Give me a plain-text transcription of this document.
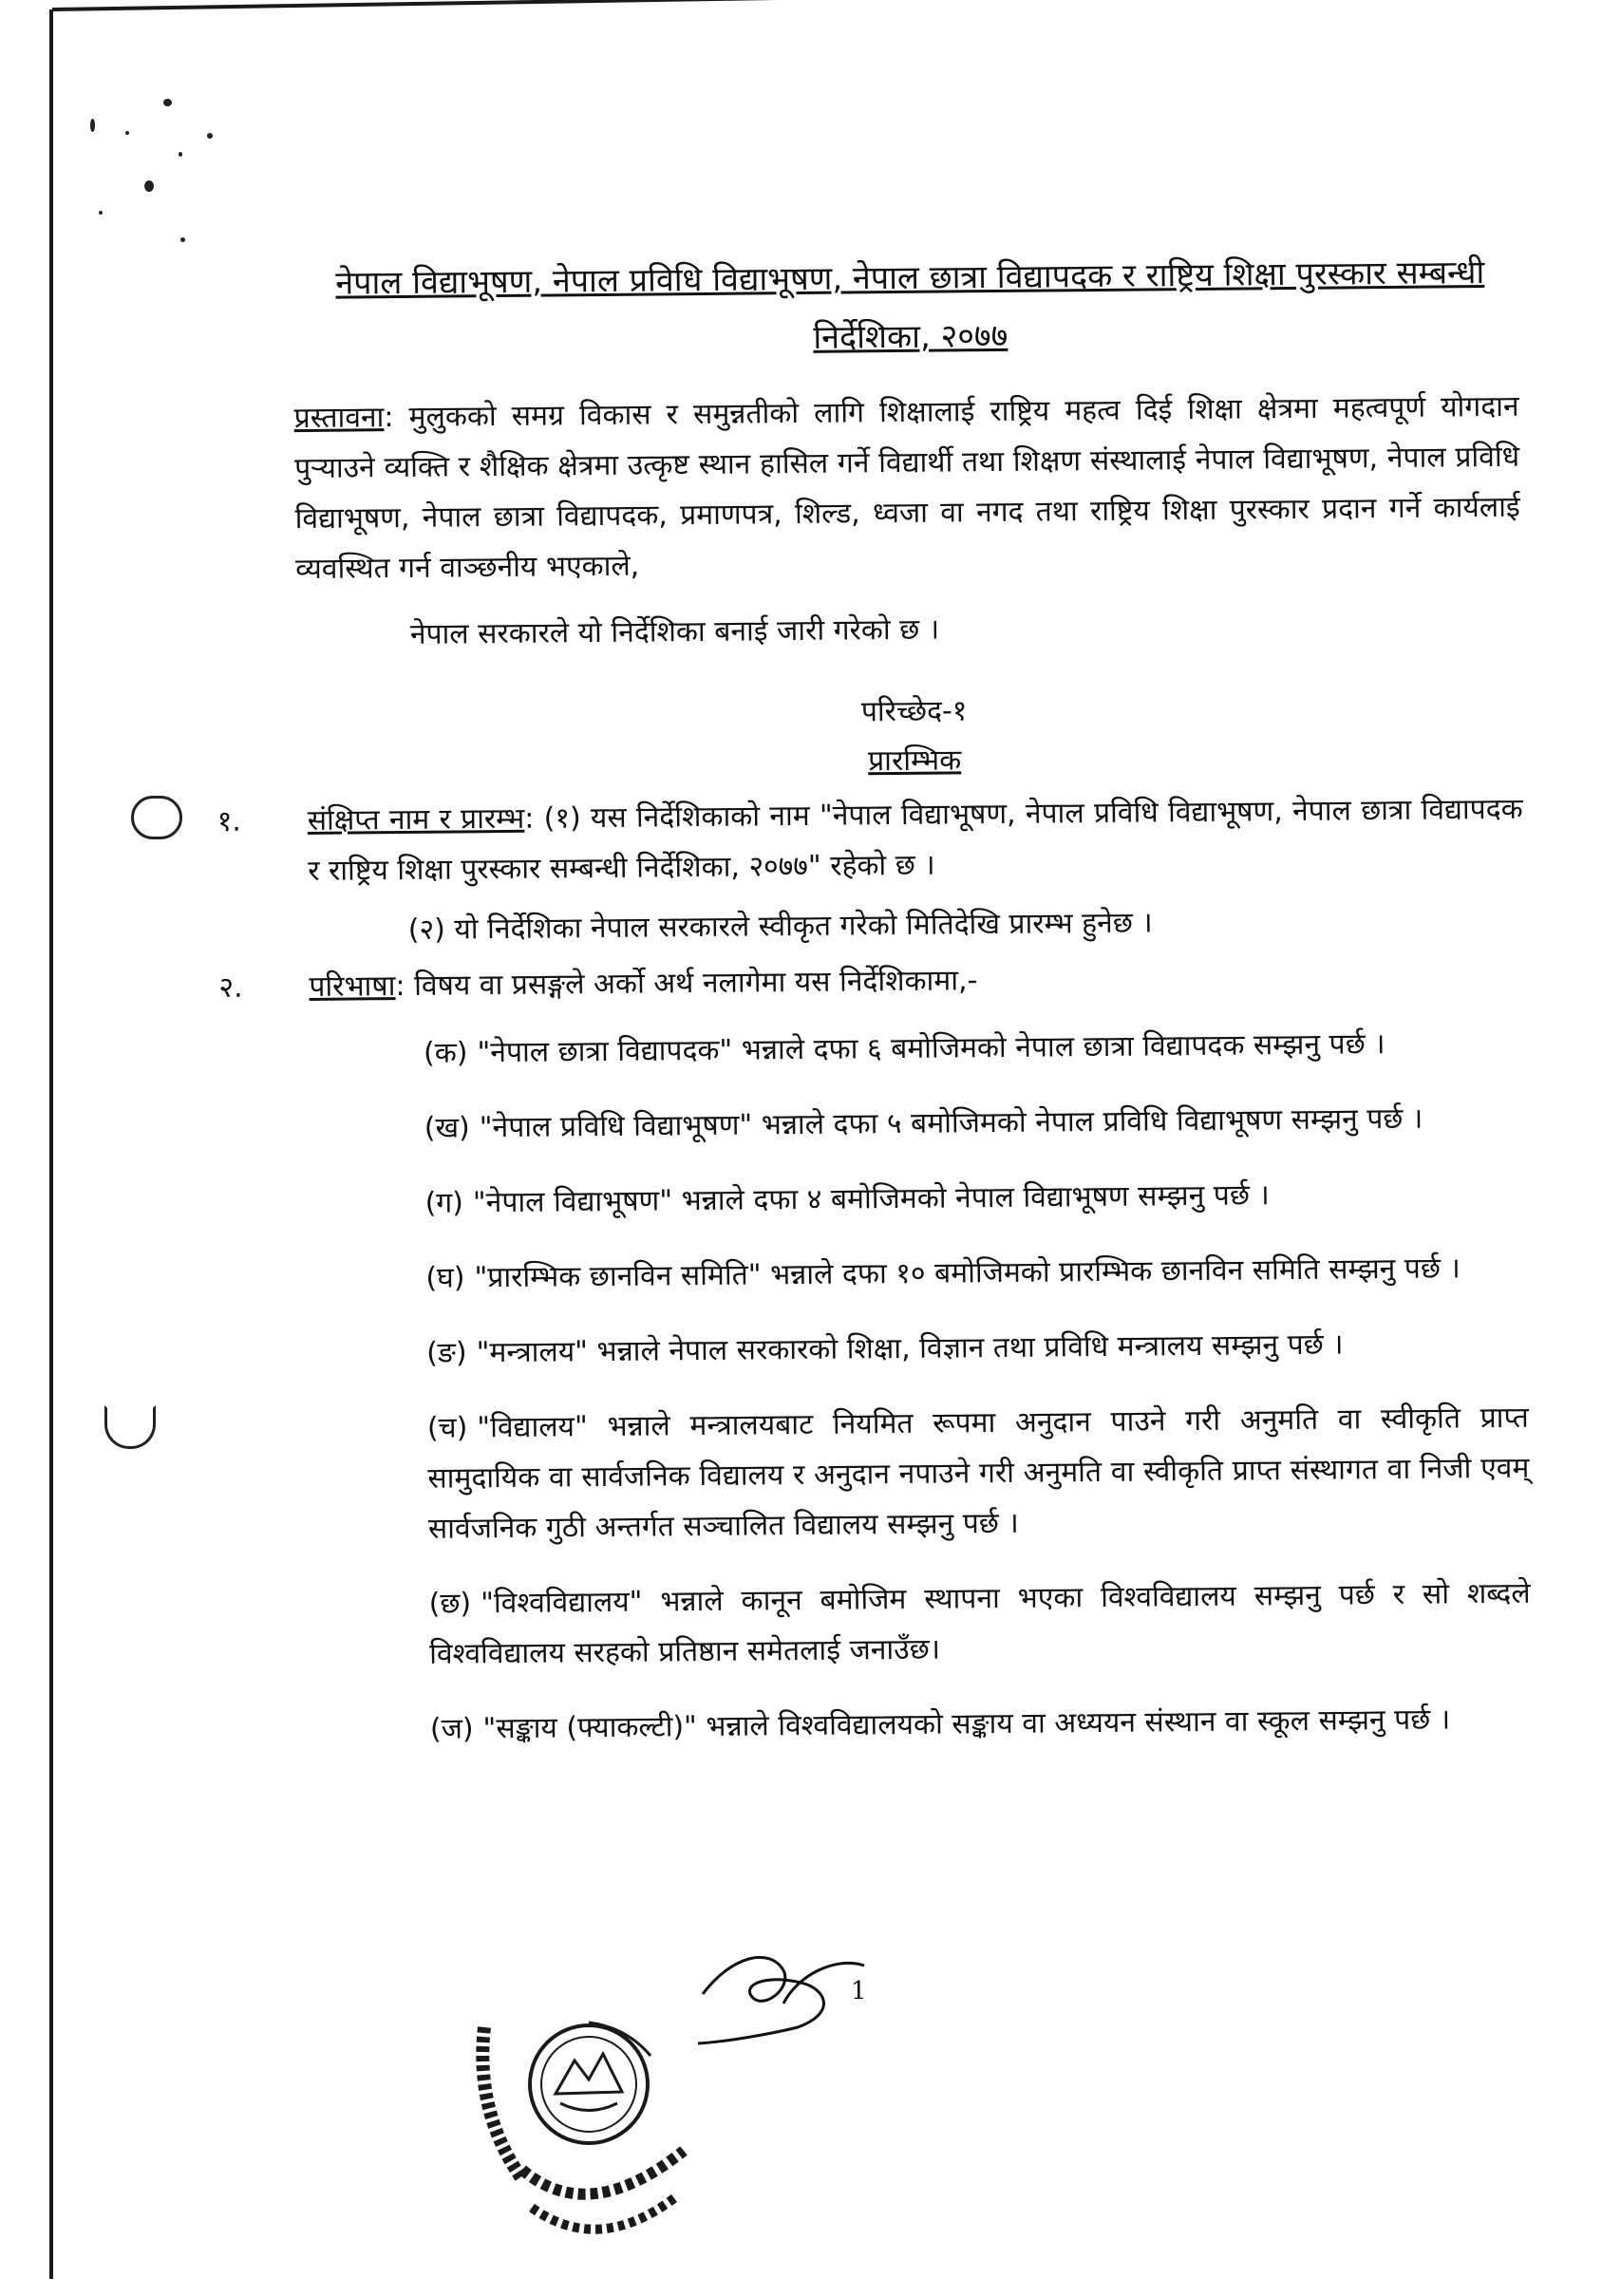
नेपाल विद्याभूषण, नेपाल प्रविधि विद्याभूषण, नेपाल छात्रा विद्यापदक र राष्ट्रिय शिक्षा पुरस्कार सम्बन्धी
निर्देशिका, २०७७

प्रस्तावना: मुलुकको समग्र विकास र समुन्नतीको लागि शिक्षालाई राष्ट्रिय महत्व दिई शिक्षा क्षेत्रमा महत्वपूर्ण योगदान पुऱ्याउने व्यक्ति र शैक्षिक क्षेत्रमा उत्कृष्ट स्थान हासिल गर्ने विद्यार्थी तथा शिक्षण संस्थालाई नेपाल विद्याभूषण, नेपाल प्रविधि विद्याभूषण, नेपाल छात्रा विद्यापदक, प्रमाणपत्र, शिल्ड, ध्वजा वा नगद तथा राष्ट्रिय शिक्षा पुरस्कार प्रदान गर्ने कार्यलाई व्यवस्थित गर्न वाञ्छनीय भएकाले,

नेपाल सरकारले यो निर्देशिका बनाई जारी गरेको छ ।

परिच्छेद-१
प्रारम्भिक
१. संक्षिप्त नाम र प्रारम्भ: (१) यस निर्देशिकाको नाम "नेपाल विद्याभूषण, नेपाल प्रविधि विद्याभूषण, नेपाल छात्रा विद्यापदक र राष्ट्रिय शिक्षा पुरस्कार सम्बन्धी निर्देशिका, २०७७" रहेको छ ।
(२) यो निर्देशिका नेपाल सरकारले स्वीकृत गरेको मितिदेखि प्रारम्भ हुनेछ ।
२. परिभाषा: विषय वा प्रसङ्गले अर्को अर्थ नलागेमा यस निर्देशिकामा,-
(क) "नेपाल छात्रा विद्यापदक" भन्नाले दफा ६ बमोजिमको नेपाल छात्रा विद्यापदक सम्झनु पर्छ ।
(ख) "नेपाल प्रविधि विद्याभूषण" भन्नाले दफा ५ बमोजिमको नेपाल प्रविधि विद्याभूषण सम्झनु पर्छ ।
(ग) "नेपाल विद्याभूषण" भन्नाले दफा ४ बमोजिमको नेपाल विद्याभूषण सम्झनु पर्छ ।
(घ) "प्रारम्भिक छानविन समिति" भन्नाले दफा १० बमोजिमको प्रारम्भिक छानविन समिति सम्झनु पर्छ ।
(ङ) "मन्त्रालय" भन्नाले नेपाल सरकारको शिक्षा, विज्ञान तथा प्रविधि मन्त्रालय सम्झनु पर्छ ।
(च) "विद्यालय" भन्नाले मन्त्रालयबाट नियमित रूपमा अनुदान पाउने गरी अनुमति वा स्वीकृति प्राप्त सामुदायिक वा सार्वजनिक विद्यालय र अनुदान नपाउने गरी अनुमति वा स्वीकृति प्राप्त संस्थागत वा निजी एवम् सार्वजनिक गुठी अन्तर्गत सञ्चालित विद्यालय सम्झनु पर्छ ।
(छ) "विश्वविद्यालय" भन्नाले कानून बमोजिम स्थापना भएका विश्वविद्यालय सम्झनु पर्छ र सो शब्दले विश्वविद्यालय सरहको प्रतिष्ठान समेतलाई जनाउँछ।
(ज) "सङ्काय (फ्याकल्टी)" भन्नाले विश्वविद्यालयको सङ्काय वा अध्ययन संस्थान वा स्कूल सम्झनु पर्छ ।
1
